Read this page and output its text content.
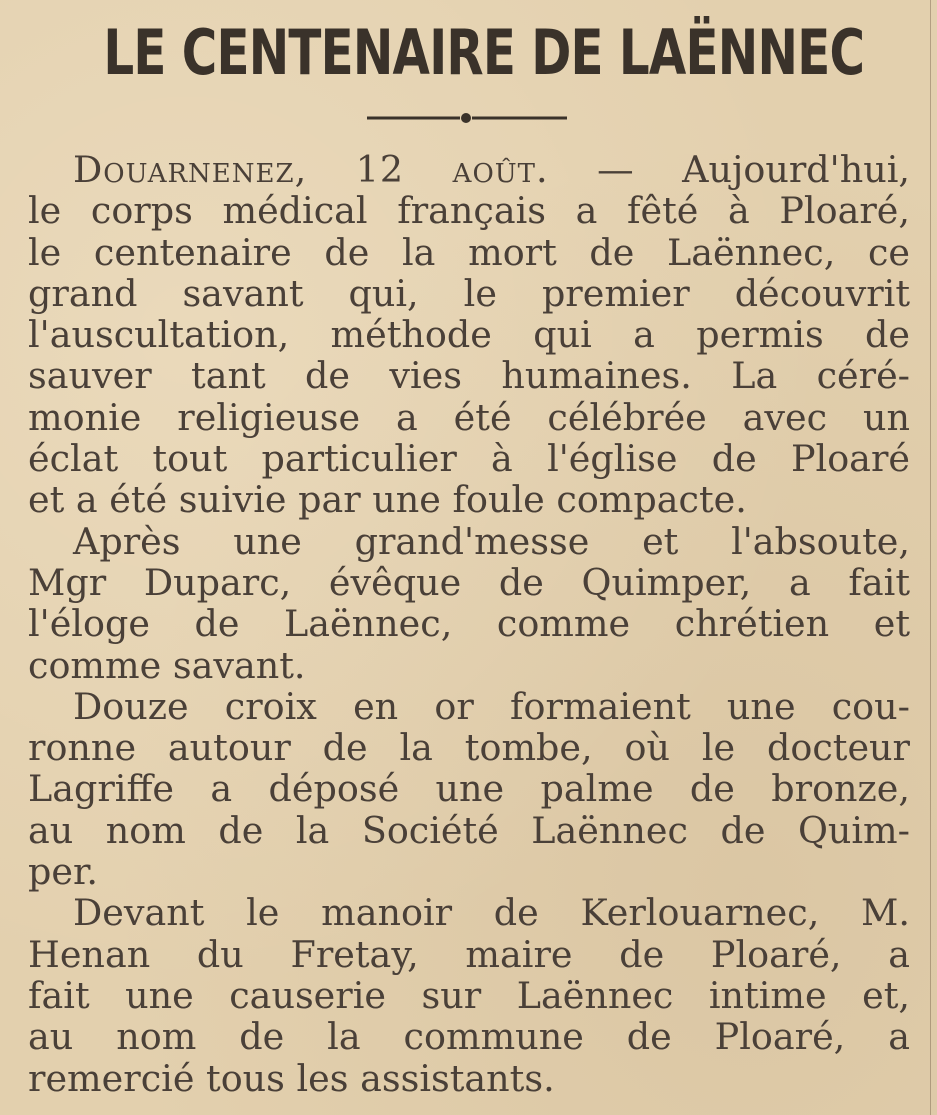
LE CENTENAIRE DE LAËNNEC
Douarnenez, 12 août. — Aujourd'hui,
le corps médical français a fêté à Ploaré,
le centenaire de la mort de Laënnec, ce
grand savant qui, le premier découvrit
l'auscultation, méthode qui a permis de
sauver tant de vies humaines. La céré-
monie religieuse a été célébrée avec un
éclat tout particulier à l'église de Ploaré
et a été suivie par une foule compacte.
Après une grand'messe et l'absoute,
Mgr Duparc, évêque de Quimper, a fait
l'éloge de Laënnec, comme chrétien et
comme savant.
Douze croix en or formaient une cou-
ronne autour de la tombe, où le docteur
Lagriffe a déposé une palme de bronze,
au nom de la Société Laënnec de Quim-
per.
Devant le manoir de Kerlouarnec, M.
Henan du Fretay, maire de Ploaré, a
fait une causerie sur Laënnec intime et,
au nom de la commune de Ploaré, a
remercié tous les assistants.
